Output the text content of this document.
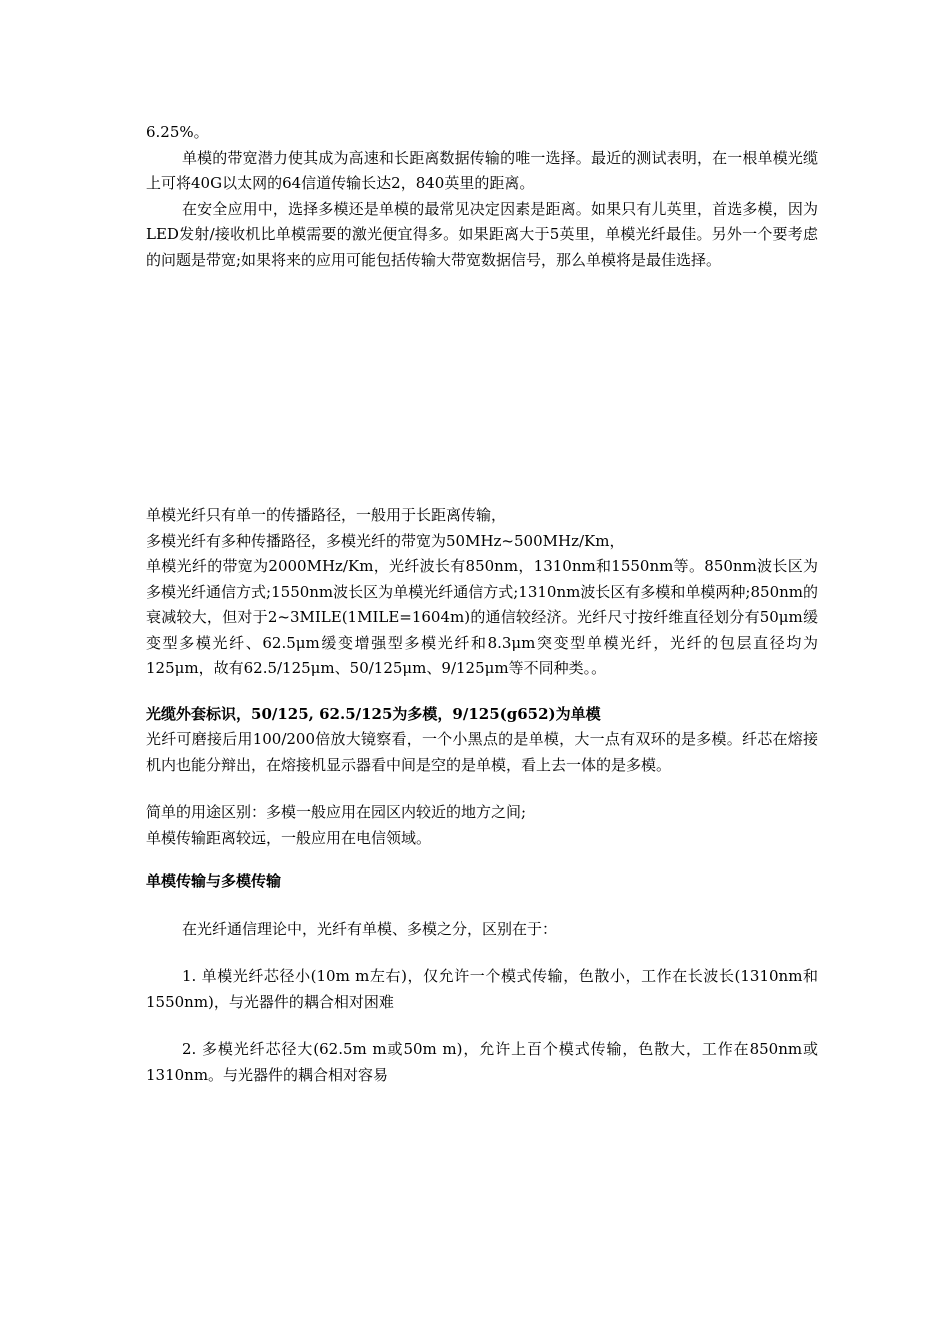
6.25%。

单模的带宽潜力使其成为高速和长距离数据传输的唯一选择。最近的测试表明，在一根单模光缆上可将40G以太网的64信道传输长达2，840英里的距离。

在安全应用中，选择多模还是单模的最常见决定因素是距离。如果只有儿英里，首选多模，因为LED发射/接收机比单模需要的激光便宜得多。如果距离大于5英里，单模光纤最佳。另外一个要考虑的问题是带宽;如果将来的应用可能包括传输大带宽数据信号，那么单模将是最佳选择。

单模光纤只有单一的传播路径，一般用于长距离传输，

多模光纤有多种传播路径，多模光纤的带宽为50MHz~500MHz/Km，

单模光纤的带宽为2000MHz/Km，光纤波长有850nm，1310nm和1550nm等。850nm波长区为多模光纤通信方式;1550nm波长区为单模光纤通信方式;1310nm波长区有多模和单模两种;850nm的衰减较大，但对于2~3MILE(1MILE=1604m)的通信较经济。光纤尺寸按纤维直径划分有50μm缓变型多模光纤、62.5μm缓变增强型多模光纤和8.3μm突变型单模光纤，光纤的包层直径均为125μm，故有62.5/125μm、50/125μm、9/125μm等不同种类。。

光缆外套标识，50/125, 62.5/125为多模，9/125(g652)为单模

光纤可磨接后用100/200倍放大镜察看，一个小黑点的是单模，大一点有双环的是多模。纤芯在熔接机内也能分辩出，在熔接机显示器看中间是空的是单模，看上去一体的是多模。

简单的用途区别：多模一般应用在园区内较近的地方之间;

单模传输距离较远，一般应用在电信领域。

单模传输与多模传输

在光纤通信理论中，光纤有单模、多模之分，区别在于：

1. 单模光纤芯径小(10m m左右)，仅允许一个模式传输，色散小，工作在长波长(1310nm和1550nm)，与光器件的耦合相对困难

2. 多模光纤芯径大(62.5m m或50m m)，允许上百个模式传输，色散大，工作在850nm或1310nm。与光器件的耦合相对容易
